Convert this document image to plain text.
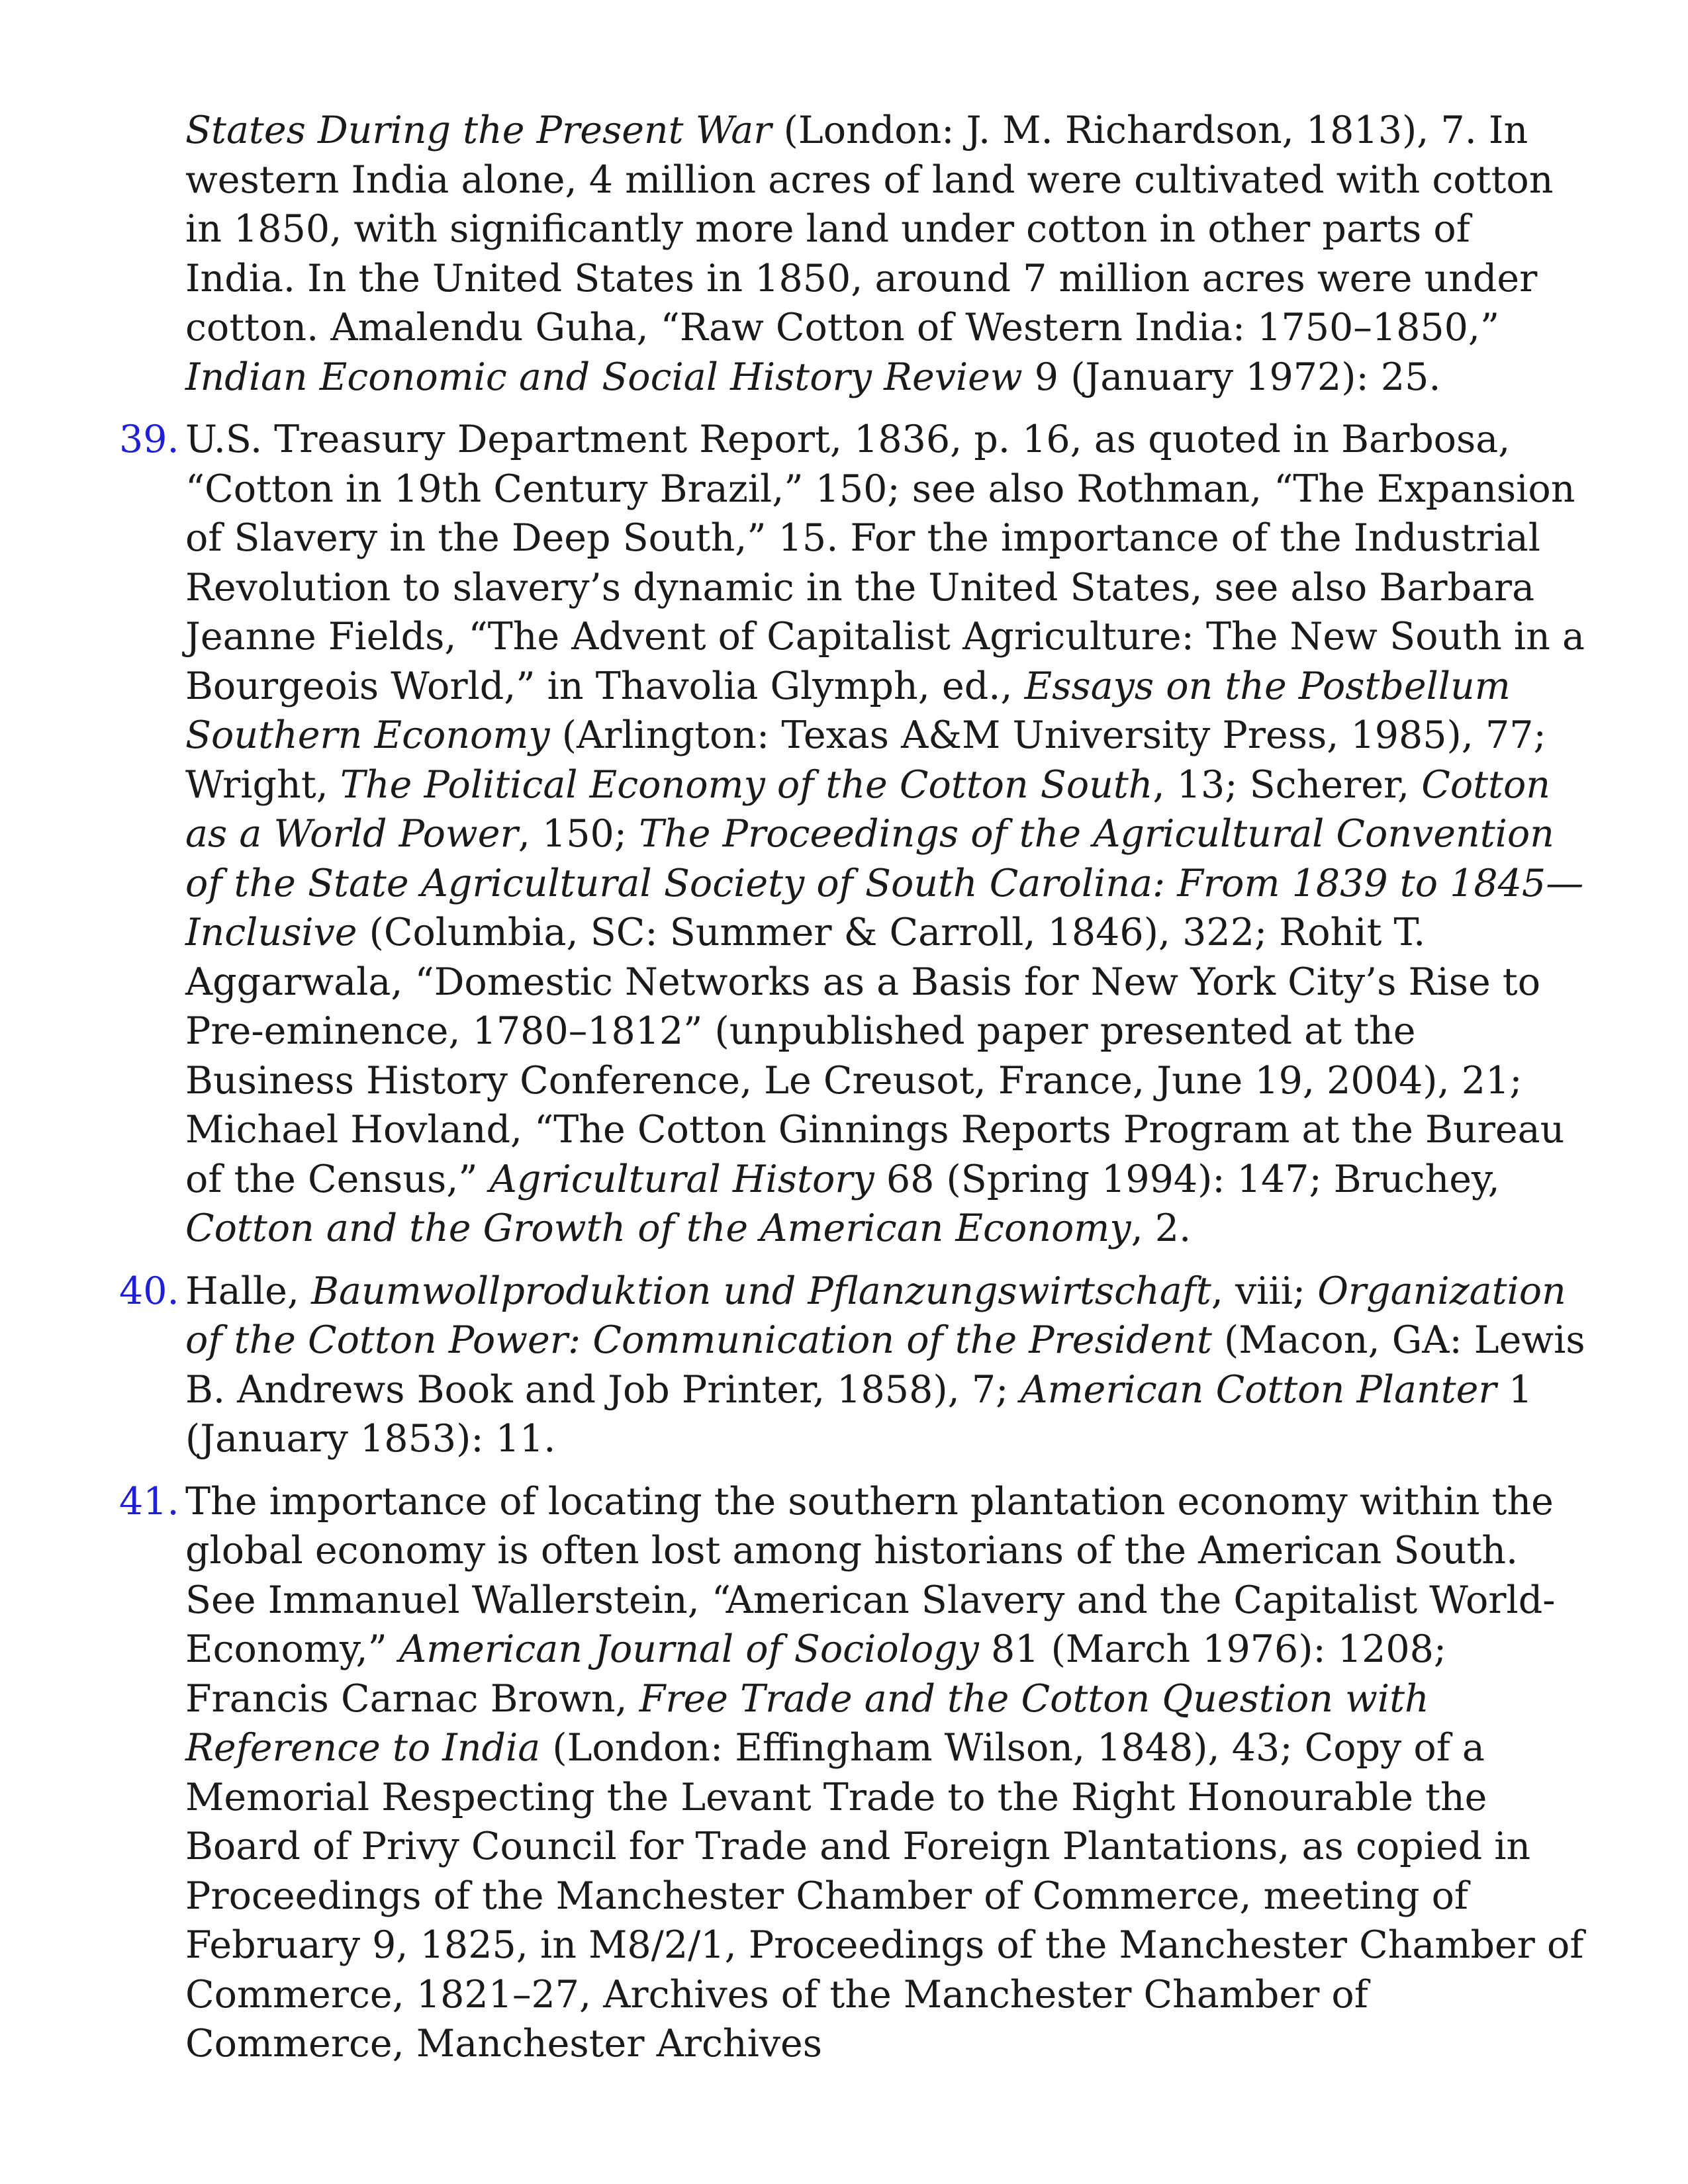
States During the Present War (London: J. M. Richardson, 1813), 7. In western India alone, 4 million acres of land were cultivated with cotton in 1850, with significantly more land under cotton in other parts of India. In the United States in 1850, around 7 million acres were under cotton. Amalendu Guha, “Raw Cotton of Western India: 1750–1850,” Indian Economic and Social History Review 9 (January 1972): 25.
39. U.S. Treasury Department Report, 1836, p. 16, as quoted in Barbosa, “Cotton in 19th Century Brazil,” 150; see also Rothman, “The Expansion of Slavery in the Deep South,” 15. For the importance of the Industrial Revolution to slavery’s dynamic in the United States, see also Barbara Jeanne Fields, “The Advent of Capitalist Agriculture: The New South in a Bourgeois World,” in Thavolia Glymph, ed., Essays on the Postbellum Southern Economy (Arlington: Texas A&M University Press, 1985), 77; Wright, The Political Economy of the Cotton South, 13; Scherer, Cotton as a World Power, 150; The Proceedings of the Agricultural Convention of the State Agricultural Society of South Carolina: From 1839 to 1845—Inclusive (Columbia, SC: Summer & Carroll, 1846), 322; Rohit T. Aggarwala, “Domestic Networks as a Basis for New York City’s Rise to Pre-eminence, 1780–1812” (unpublished paper presented at the Business History Conference, Le Creusot, France, June 19, 2004), 21; Michael Hovland, “The Cotton Ginnings Reports Program at the Bureau of the Census,” Agricultural History 68 (Spring 1994): 147; Bruchey, Cotton and the Growth of the American Economy, 2.
40. Halle, Baumwollproduktion und Pflanzungswirtschaft, viii; Organization of the Cotton Power: Communication of the President (Macon, GA: Lewis B. Andrews Book and Job Printer, 1858), 7; American Cotton Planter 1 (January 1853): 11.
41. The importance of locating the southern plantation economy within the global economy is often lost among historians of the American South. See Immanuel Wallerstein, “American Slavery and the Capitalist World-Economy,” American Journal of Sociology 81 (March 1976): 1208; Francis Carnac Brown, Free Trade and the Cotton Question with Reference to India (London: Effingham Wilson, 1848), 43; Copy of a Memorial Respecting the Levant Trade to the Right Honourable the Board of Privy Council for Trade and Foreign Plantations, as copied in Proceedings of the Manchester Chamber of Commerce, meeting of February 9, 1825, in M8/2/1, Proceedings of the Manchester Chamber of Commerce, 1821–27, Archives of the Manchester Chamber of Commerce, Manchester Archives
